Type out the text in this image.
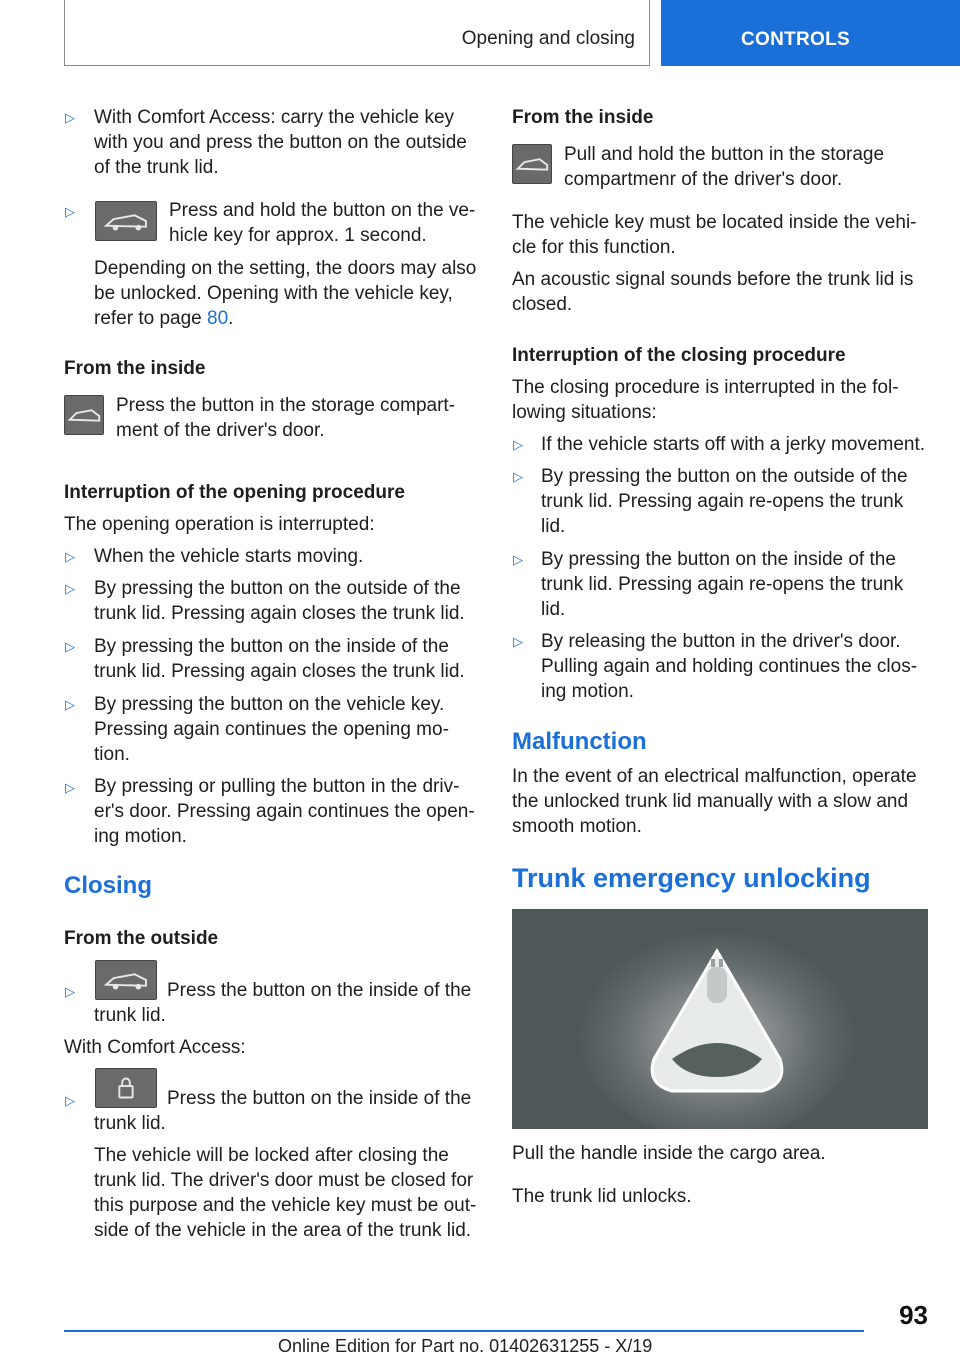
Opening and closing	CONTROLS
▷ With Comfort Access: carry the vehicle key with you and press the button on the outside of the trunk lid.
▷	Press and hold the button on the ve-
hicle key for approx. 1 second.
Depending on the setting, the doors may also
be unlocked. Opening with the vehicle key,
refer to page 80.
From the inside
Press the button in the storage compart-
ment of the driver's door.
Interruption of the opening procedure
The opening operation is interrupted:
▷ When the vehicle starts moving.
▷ By pressing the button on the outside of the trunk lid. Pressing again closes the trunk lid.
▷ By pressing the button on the inside of the trunk lid. Pressing again closes the trunk lid.
▷ By pressing the button on the vehicle key. Pressing again continues the opening mo-tion.
▷ By pressing or pulling the button in the driv-er's door. Pressing again continues the open-ing motion.
Closing
From the outside
▷	Press the button on the inside of the
trunk lid.
With Comfort Access:
▷	Press the button on the inside of the
trunk lid.
The vehicle will be locked after closing the
trunk lid. The driver's door must be closed for
this purpose and the vehicle key must be out-
side of the vehicle in the area of the trunk lid.
From the inside
Pull and hold the button in the storage
compartmenr of the driver's door.
The vehicle key must be located inside the vehi-
cle for this function.
An acoustic signal sounds before the trunk lid is
closed.
Interruption of the closing procedure
The closing procedure is interrupted in the fol-
lowing situations:
▷ If the vehicle starts off with a jerky movement.
▷ By pressing the button on the outside of the
trunk lid. Pressing again re-opens the trunk
lid.
▷ By pressing the button on the inside of the
trunk lid. Pressing again re-opens the trunk
lid.
▷ By releasing the button in the driver's door.
Pulling again and holding continues the clos-
ing motion.
Malfunction
In the event of an electrical malfunction, operate
the unlocked trunk lid manually with a slow and
smooth motion.
Trunk emergency unlocking
Pull the handle inside the cargo area.
The trunk lid unlocks.
93
Online Edition for Part no. 01402631255 - X/19
